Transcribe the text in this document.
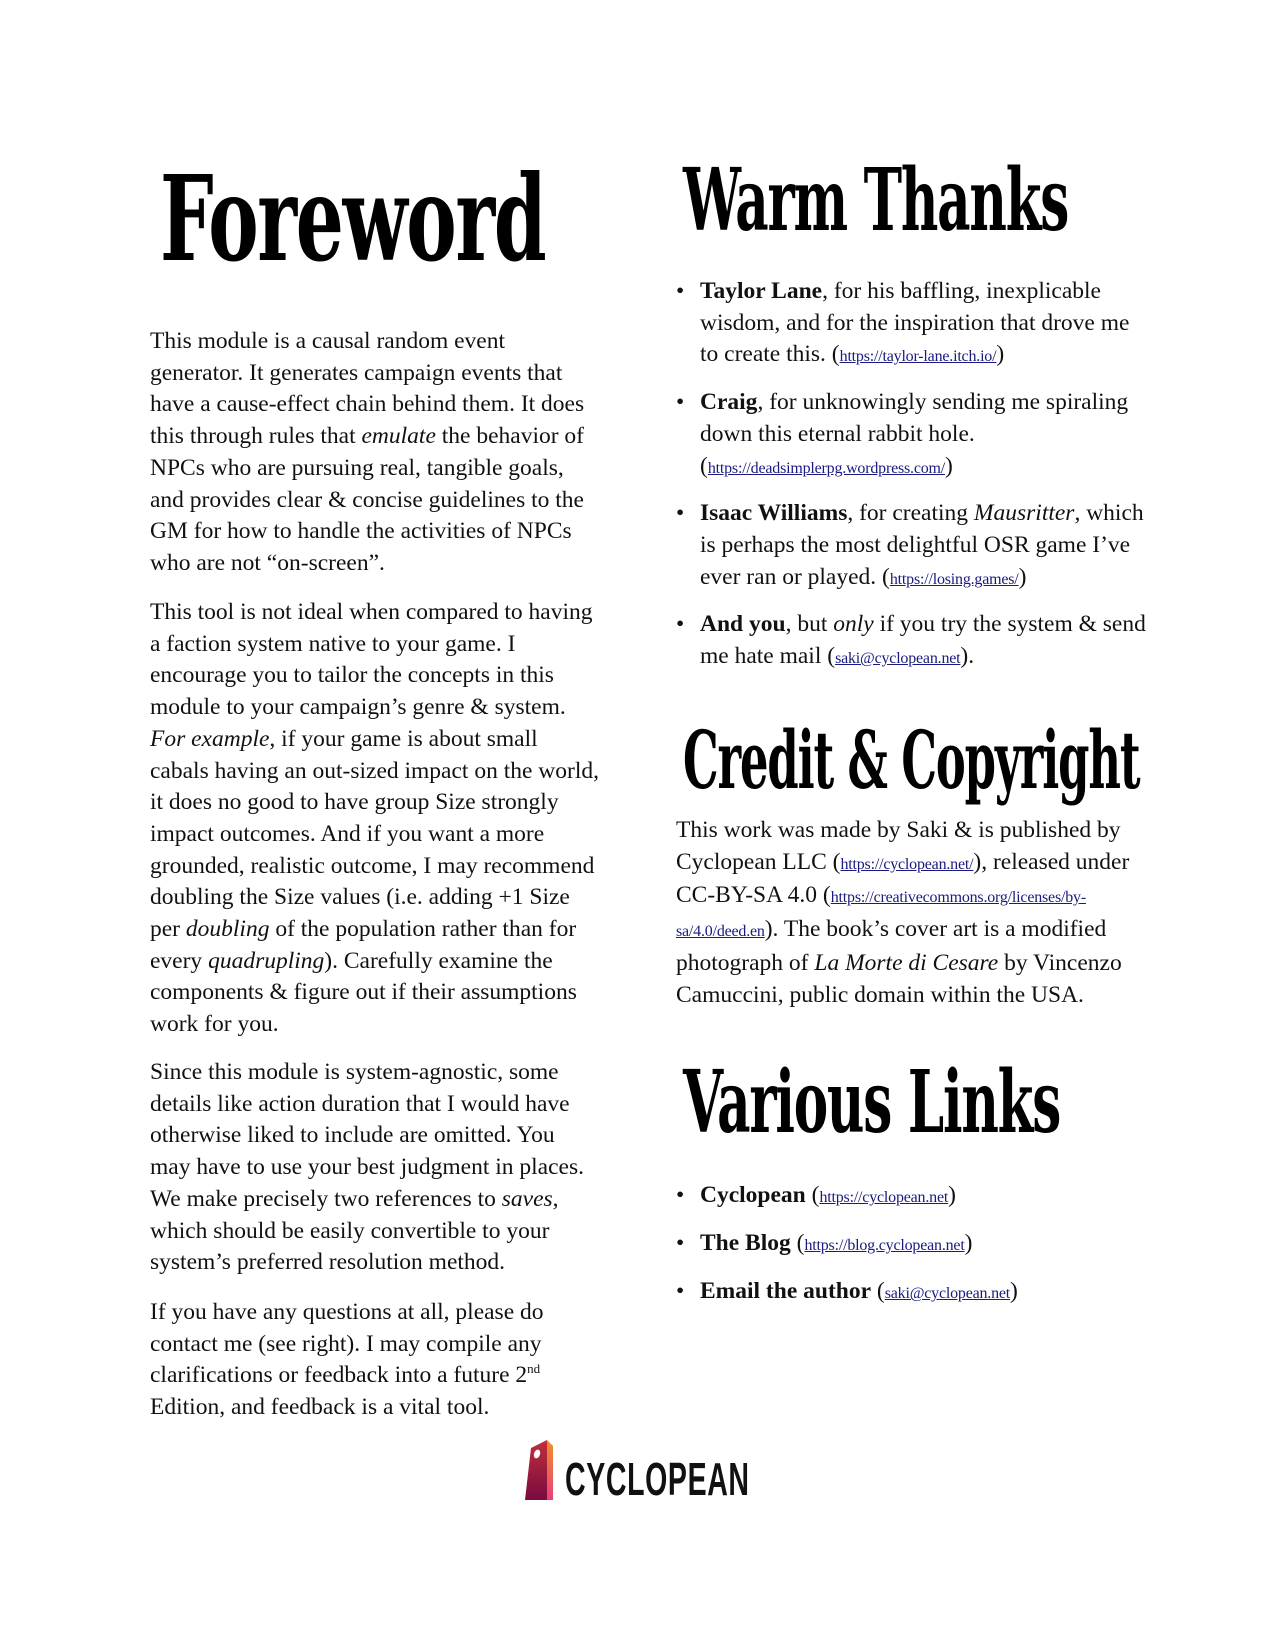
Foreword Warm Thanks
Credit & Copyright
Various Links

This module is a causal random event generator. It generates campaign events that have a cause-effect chain behind them. It does this through rules that emulate the behavior of NPCs who are pursuing real, tangible goals, and provides clear & concise guidelines to the GM for how to handle the activities of NPCs who are not “on-screen”.

This tool is not ideal when compared to having a faction system native to your game. I encourage you to tailor the concepts in this module to your campaign’s genre & system. For example, if your game is about small cabals having an out-sized impact on the world, it does no good to have group Size strongly impact outcomes. And if you want a more grounded, realistic outcome, I may recommend doubling the Size values (i.e. adding +1 Size per doubling of the population rather than for every quadrupling). Carefully examine the components & figure out if their assumptions work for you.

Since this module is system-agnostic, some details like action duration that I would have otherwise liked to include are omitted. You may have to use your best judgment in places. We make precisely two references to saves, which should be easily convertible to your system’s preferred resolution method.

If you have any questions at all, please do contact me (see right). I may compile any clarifications or feedback into a future 2nd Edition, and feedback is a vital tool.

• Taylor Lane, for his baffling, inexplicable wisdom, and for the inspiration that drove me to create this. (https://taylor-lane.itch.io/)
• Craig, for unknowingly sending me spiraling down this eternal rabbit hole. (https://deadsimplerpg.wordpress.com/)
• Isaac Williams, for creating Mausritter, which is perhaps the most delightful OSR game I’ve ever ran or played. (https://losing.games/)
• And you, but only if you try the system & send me hate mail (saki@cyclopean.net).

This work was made by Saki & is published by Cyclopean LLC (https://cyclopean.net/), released under CC-BY-SA 4.0 (https://creativecommons.org/licenses/by-sa/4.0/deed.en). The book’s cover art is a modified photograph of La Morte di Cesare by Vincenzo Camuccini, public domain within the USA.

• Cyclopean (https://cyclopean.net)
• The Blog (https://blog.cyclopean.net)
• Email the author (saki@cyclopean.net)
CYCLOPEAN
